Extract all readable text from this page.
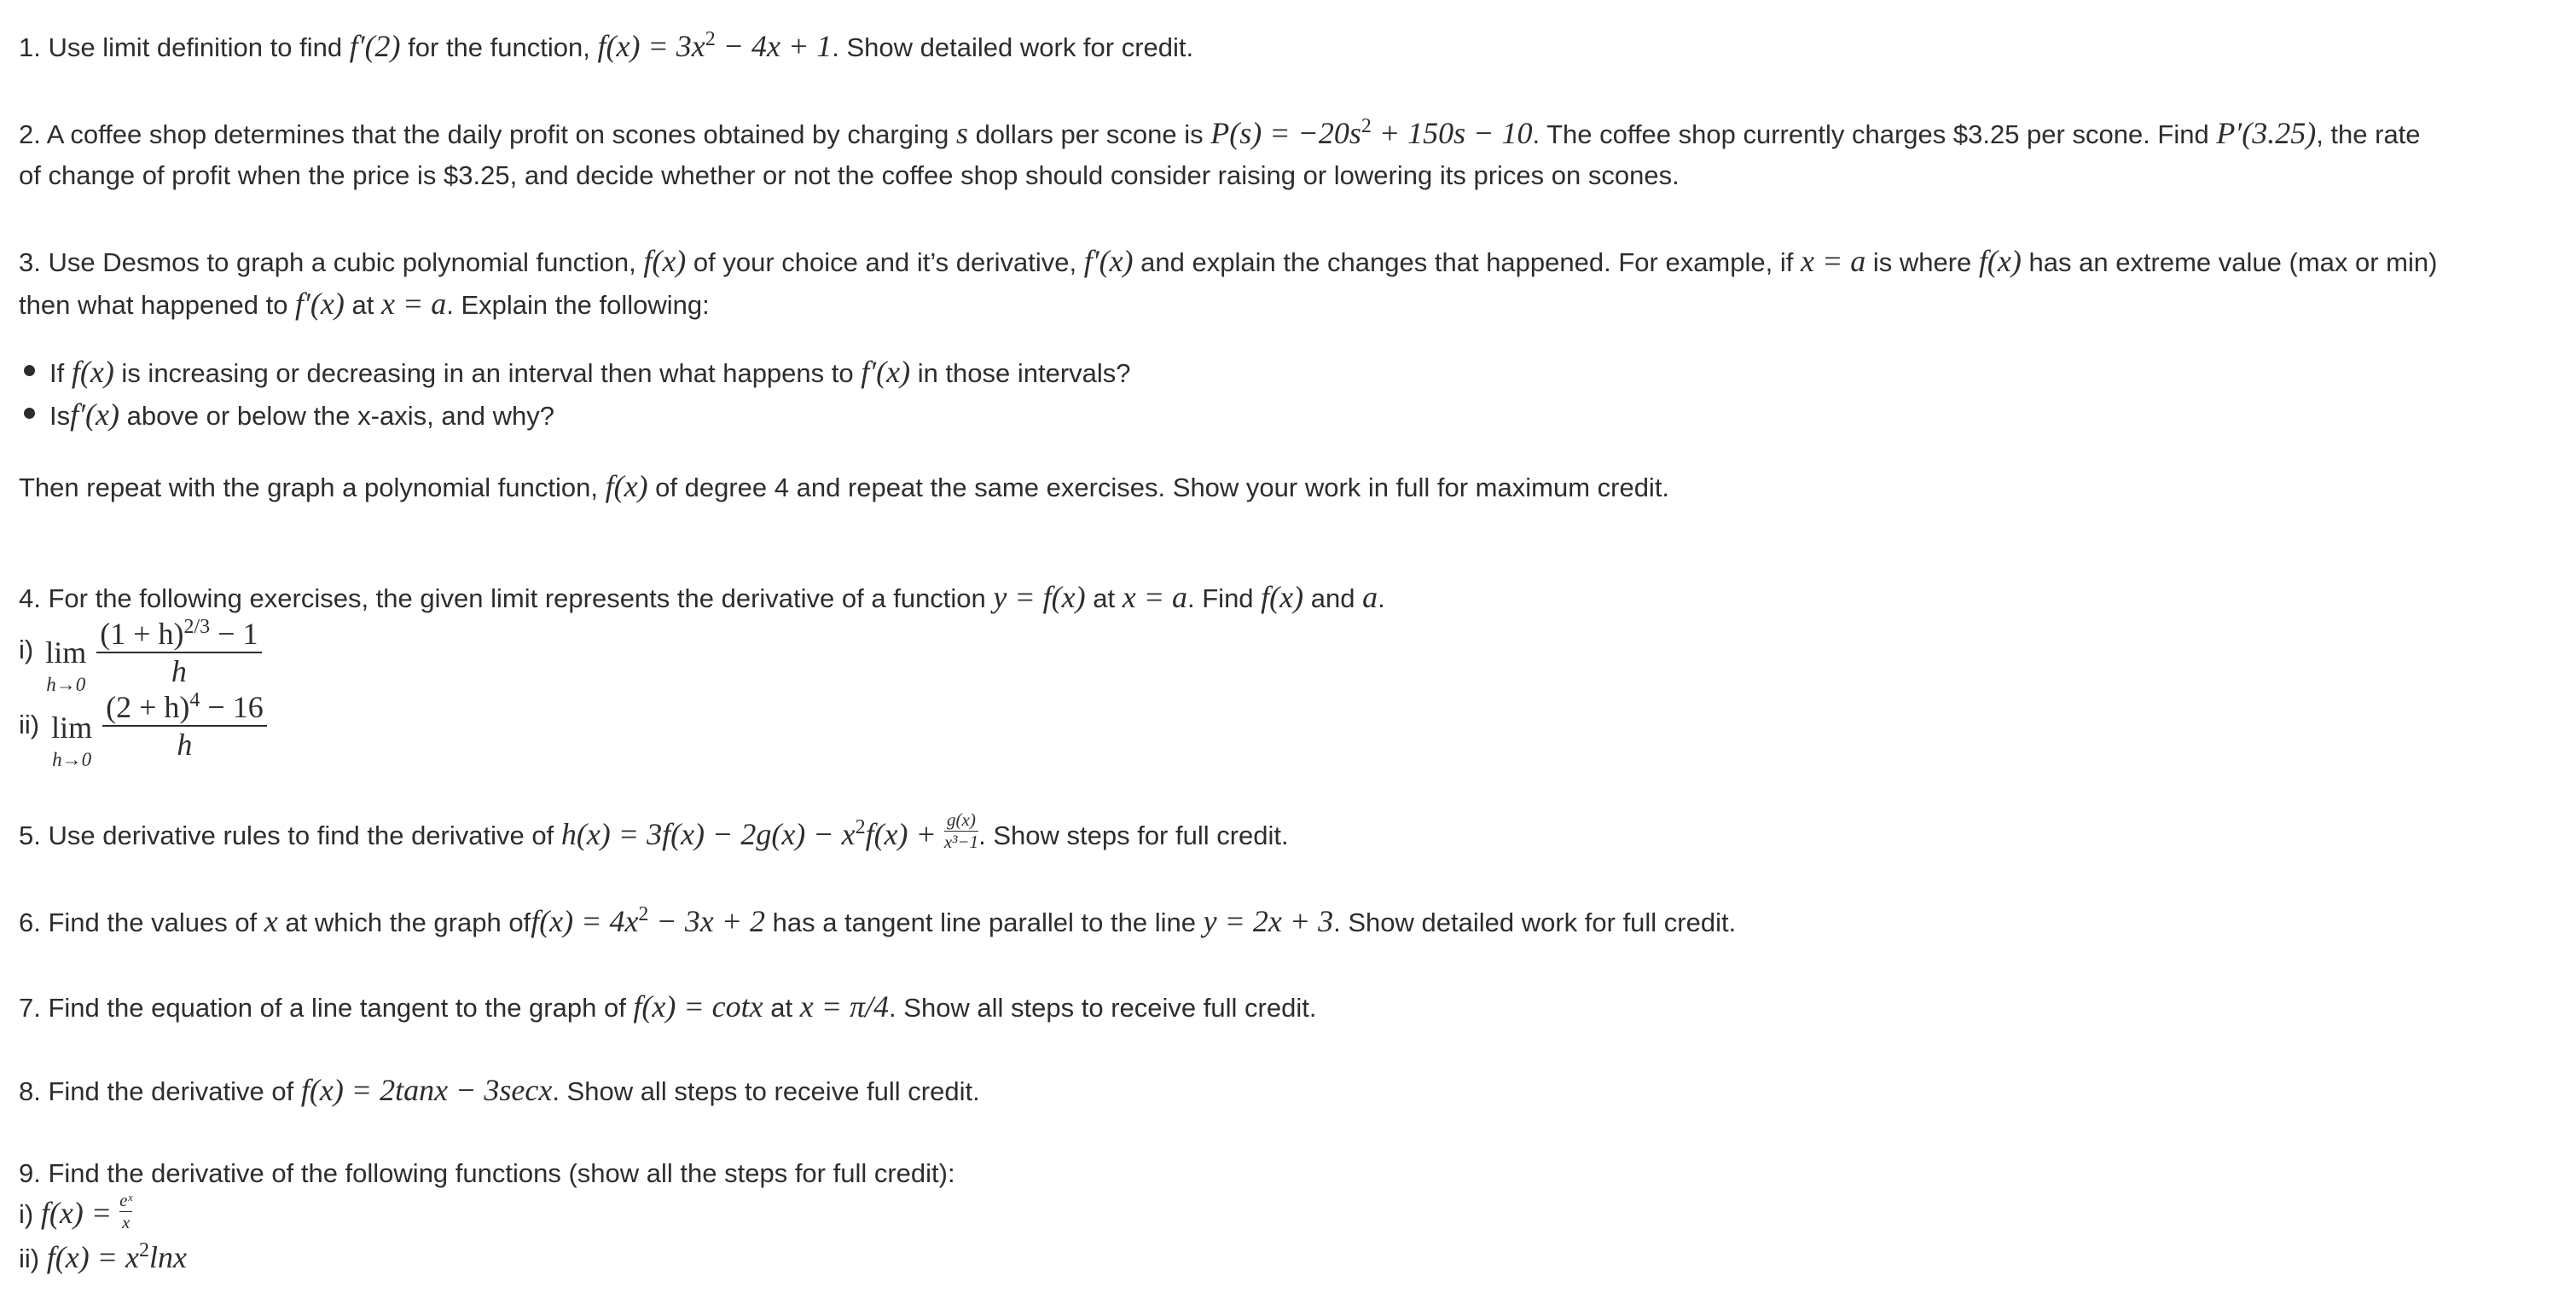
1. Use limit definition to find f′(2) for the function, $f(x) = 3x^2 - 4x + 1$. Show detailed work for credit.
2. A coffee shop determines that the daily profit on scones obtained by charging s dollars per scone is $P(s) = -20s^2 + 150s - 10$. The coffee shop currently charges $3.25 per scone. Find P′(3.25), the rate
of change of profit when the price is $3.25, and decide whether or not the coffee shop should consider raising or lowering its prices on scones.
3. Use Desmos to graph a cubic polynomial function, f(x) of your choice and it’s derivative, f′(x) and explain the changes that happened. For example, if x = a is where f(x) has an extreme value (max or min)
then what happened to f′(x) at x = a. Explain the following:
If f(x) is increasing or decreasing in an interval then what happens to f′(x) in those intervals?
Isf′(x) above or below the x-axis, and why?
Then repeat with the graph a polynomial function, f(x) of degree 4 and repeat the same exercises. Show your work in full for maximum credit.
4. For the following exercises, the given limit represents the derivative of a function y = f(x) at x = a. Find f(x) and a.
i) lim
$h\to 0 \frac{(1 + h)^{2/3} - 1}{h}$
ii) lim
$h\to 0 \frac{(2 + h)^4 - 16}{h}$
5. Use derivative rules to find the derivative of $h(x) = 3f(x) - 2g(x) - x^2f(x) + \frac{g(x)}{\text{x³−1}}$. Show steps for full credit.
6. Find the values of x at which the graph $off(x) = 4x^2 - 3x + 2$ has a tangent line parallel to the line y = 2x + 3. Show detailed work for full credit.
7. Find the equation of a line tangent to the graph of f(x) = cotx at x = π/4. Show all steps to receive full credit.
8. Find the derivative of f(x) = 2tanx − 3secx. Show all steps to receive full credit.
9. Find the derivative of the following functions (show all the steps for full credit):
i) $f(x) = \frac{\text{eˣ}}{x}$
ii) $f(x) = x^2\ln x$
